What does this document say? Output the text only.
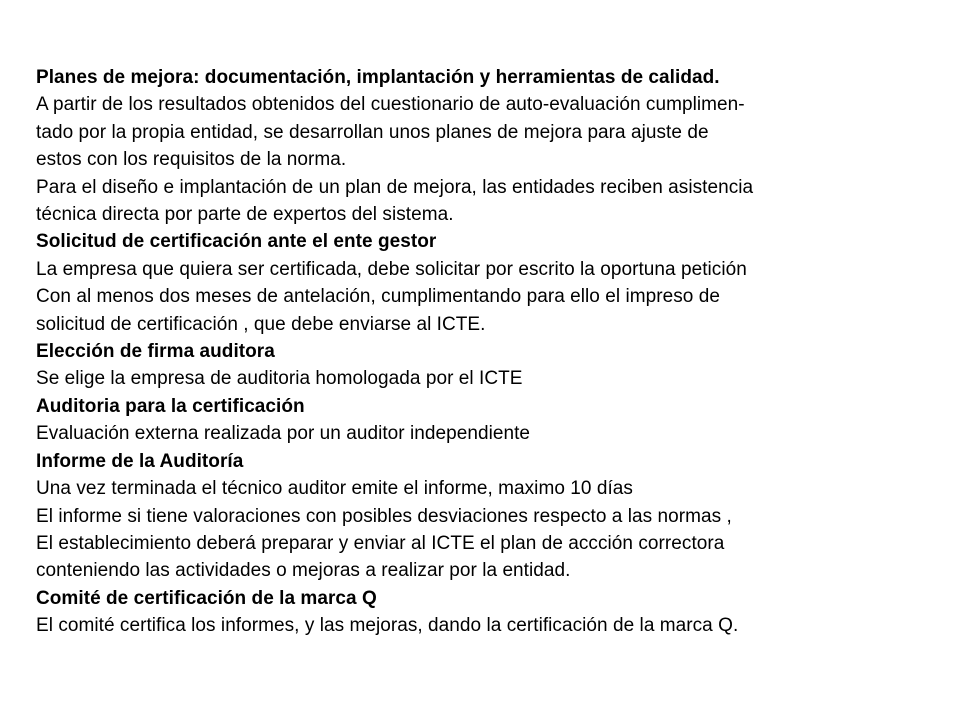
Planes de mejora: documentación, implantación y herramientas de calidad.
A partir de los resultados obtenidos del cuestionario de auto-evaluación cumplimen-
tado por la propia entidad, se desarrollan unos planes de mejora para ajuste de
estos con los requisitos de la norma.
Para el diseño e implantación de un plan de mejora, las entidades reciben asistencia
técnica directa por parte de expertos del sistema.
Solicitud de certificación ante el ente gestor
La empresa que quiera ser certificada, debe solicitar por escrito la oportuna petición
Con al menos dos meses de antelación, cumplimentando para ello el impreso de
solicitud de certificación , que debe enviarse al ICTE.
Elección de firma auditora
Se elige la empresa de auditoria homologada por el ICTE
Auditoria para la certificación
Evaluación externa realizada por un auditor independiente
Informe de la Auditoría
Una vez terminada el técnico auditor emite el informe, maximo 10 días
El informe si tiene valoraciones con posibles desviaciones respecto a las normas ,
El establecimiento deberá preparar y enviar al ICTE el plan de accción correctora
conteniendo las actividades o mejoras a realizar por la entidad.
Comité de certificación de la marca Q
El comité certifica los informes, y las mejoras, dando la certificación de la marca Q.
